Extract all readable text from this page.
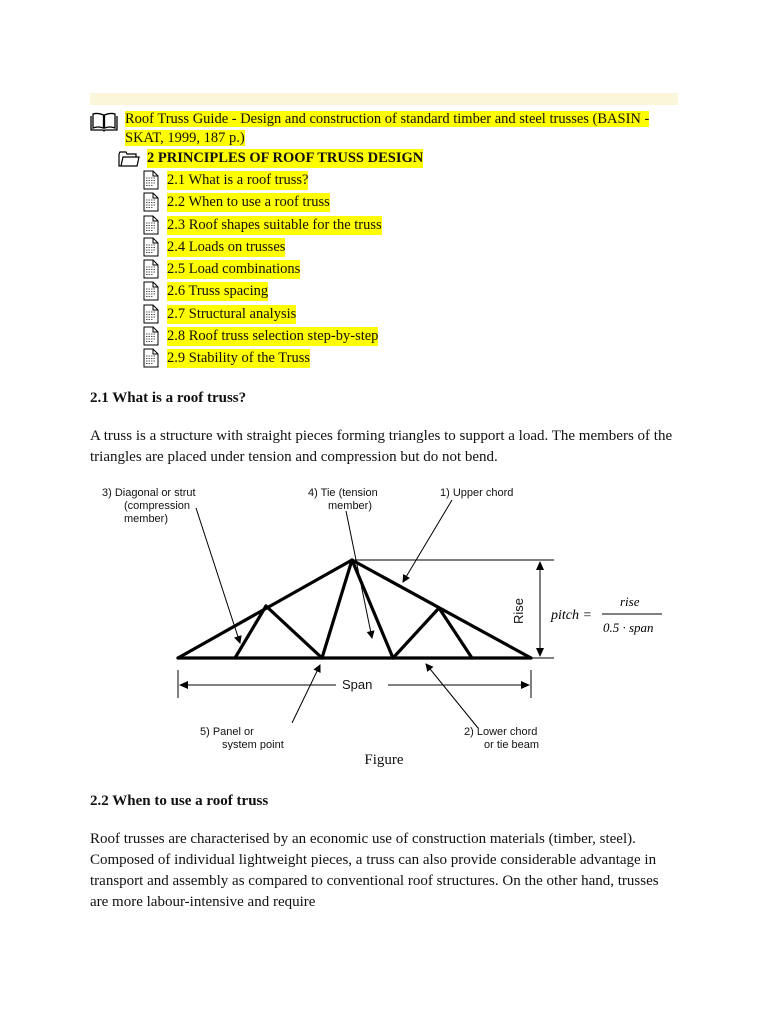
Roof Truss Guide - Design and construction of standard timber and steel trusses (BASIN - SKAT, 1999, 187 p.)
2 PRINCIPLES OF ROOF TRUSS DESIGN
2.1 What is a roof truss?
2.2 When to use a roof truss
2.3 Roof shapes suitable for the truss
2.4 Loads on trusses
2.5 Load combinations
2.6 Truss spacing
2.7 Structural analysis
2.8 Roof truss selection step-by-step
2.9 Stability of the Truss
2.1 What is a roof truss?

A truss is a structure with straight pieces forming triangles to support a load. The members of the triangles are placed under tension and compression but do not bend.

3) Diagonal or strut
(compression
member)
4) Tie (tension
member)
1) Upper chord
Rise
Span
5) Panel or
system point
2) Lower chord
or tie beam
pitch =
rise
0.5 · span
Figure
2.2 When to use a roof truss

Roof trusses are characterised by an economic use of construction materials (timber, steel). Composed of individual lightweight pieces, a truss can also provide considerable advantage in transport and assembly as compared to conventional roof structures. On the other hand, trusses are more labour-intensive and require
